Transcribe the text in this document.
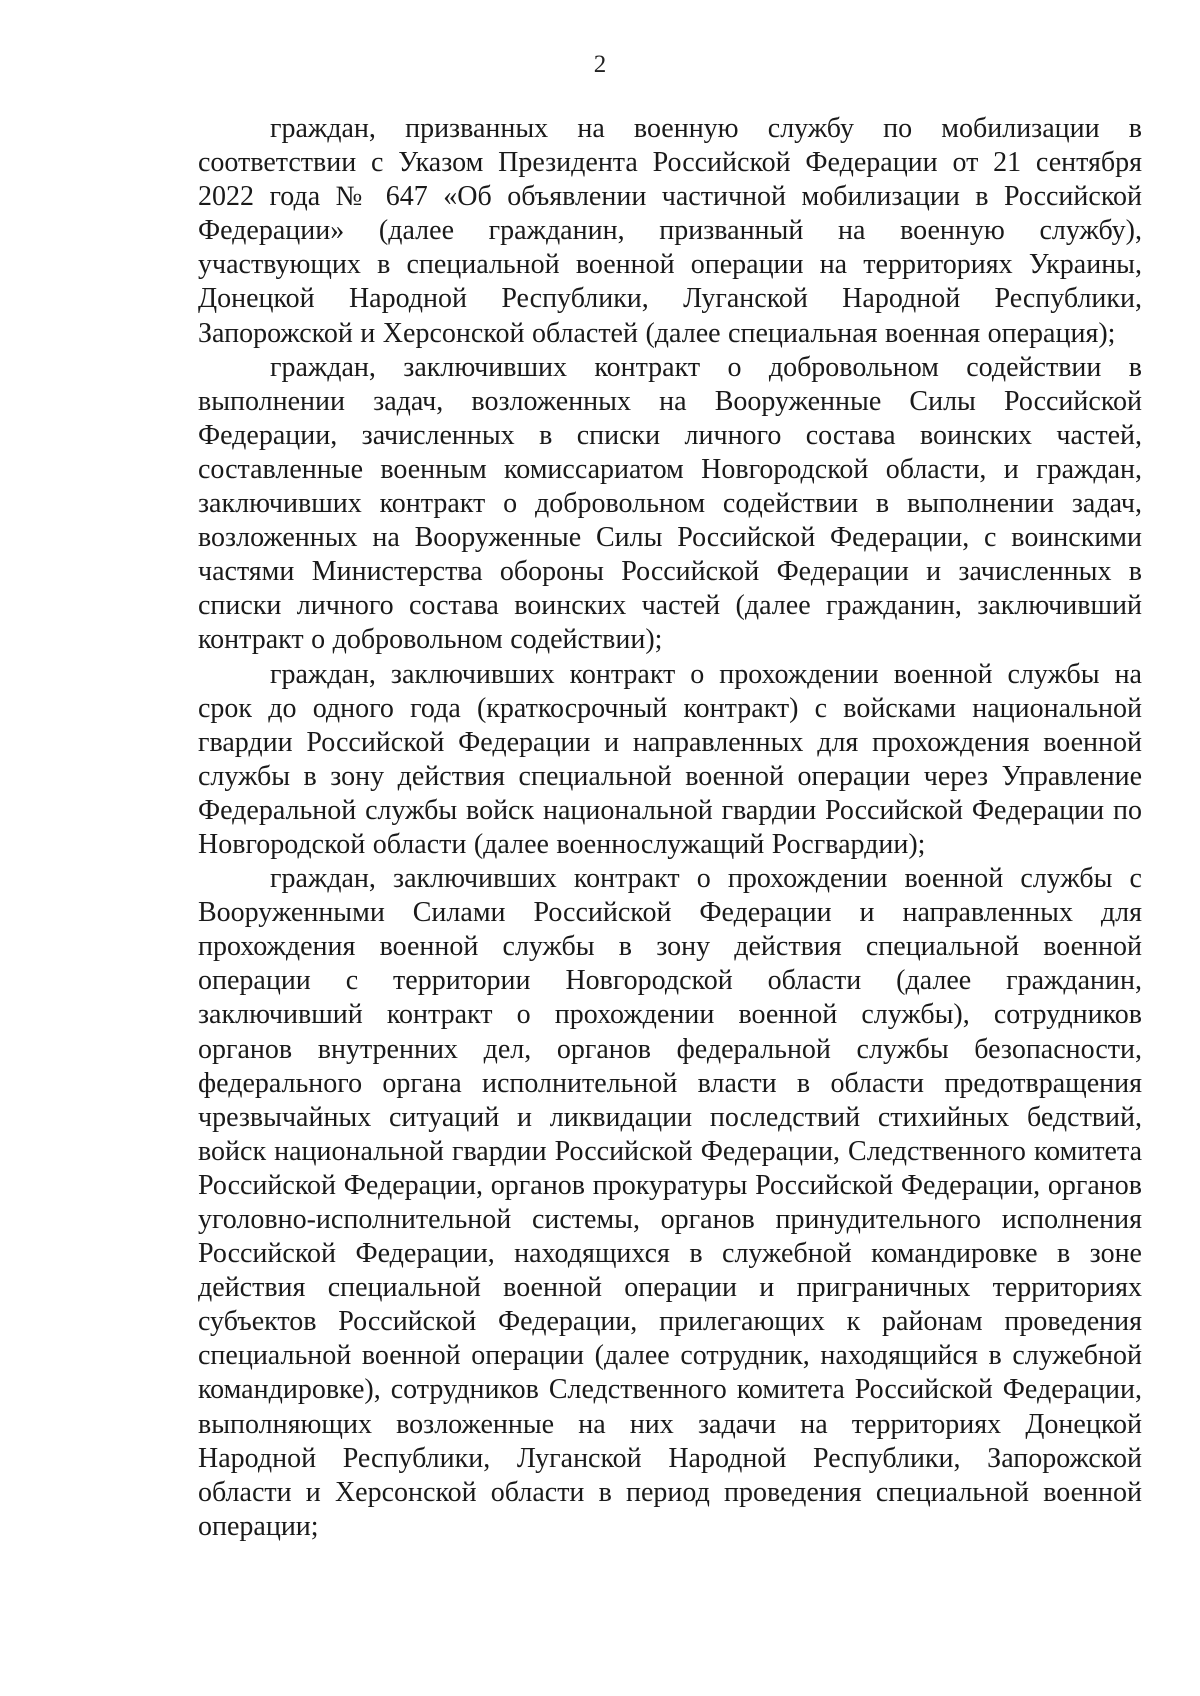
2

граждан, призванных на военную службу по мобилизации в соответствии с Указом Президента Российской Федерации от 21 сентября 2022 года № 647 «Об объявлении частичной мобилизации в Российской Федерации» (далее гражданин, призванный на военную службу), участвующих в специальной военной операции на территориях Украины, Донецкой Народной Республики, Луганской Народной Республики, Запорожской и Херсонской областей (далее специальная военная операция);

граждан, заключивших контракт о добровольном содействии в выполнении задач, возложенных на Вооруженные Силы Российской Федерации, зачисленных в списки личного состава воинских частей, составленные военным комиссариатом Новгородской области, и граждан, заключивших контракт о добровольном содействии в выполнении задач, возложенных на Вооруженные Силы Российской Федерации, с воинскими частями Министерства обороны Российской Федерации и зачисленных в списки личного состава воинских частей (далее гражданин, заключивший контракт о добровольном содействии);

граждан, заключивших контракт о прохождении военной службы на срок до одного года (краткосрочный контракт) с войсками национальной гвардии Российской Федерации и направленных для прохождения военной службы в зону действия специальной военной операции через Управление Федеральной службы войск национальной гвардии Российской Федерации по Новгородской области (далее военнослужащий Росгвардии);

граждан, заключивших контракт о прохождении военной службы с Вооруженными Силами Российской Федерации и направленных для прохождения военной службы в зону действия специальной военной операции с территории Новгородской области (далее гражданин, заключивший контракт о прохождении военной службы), сотрудников органов внутренних дел, органов федеральной службы безопасности, федерального органа исполнительной власти в области предотвращения чрезвычайных ситуаций и ликвидации последствий стихийных бедствий, войск национальной гвардии Российской Федерации, Следственного комитета Российской Федерации, органов прокуратуры Российской Федерации, органов уголовно-исполнительной системы, органов принудительного исполнения Российской Федерации, находящихся в служебной командировке в зоне действия специальной военной операции и приграничных территориях субъектов Российской Федерации, прилегающих к районам проведения специальной военной операции (далее сотрудник, находящийся в служебной командировке), сотрудников Следственного комитета Российской Федерации, выполняющих возложенные на них задачи на территориях Донецкой Народной Республики, Луганской Народной Республики, Запорожской области и Херсонской области в период проведения специальной военной операции;
